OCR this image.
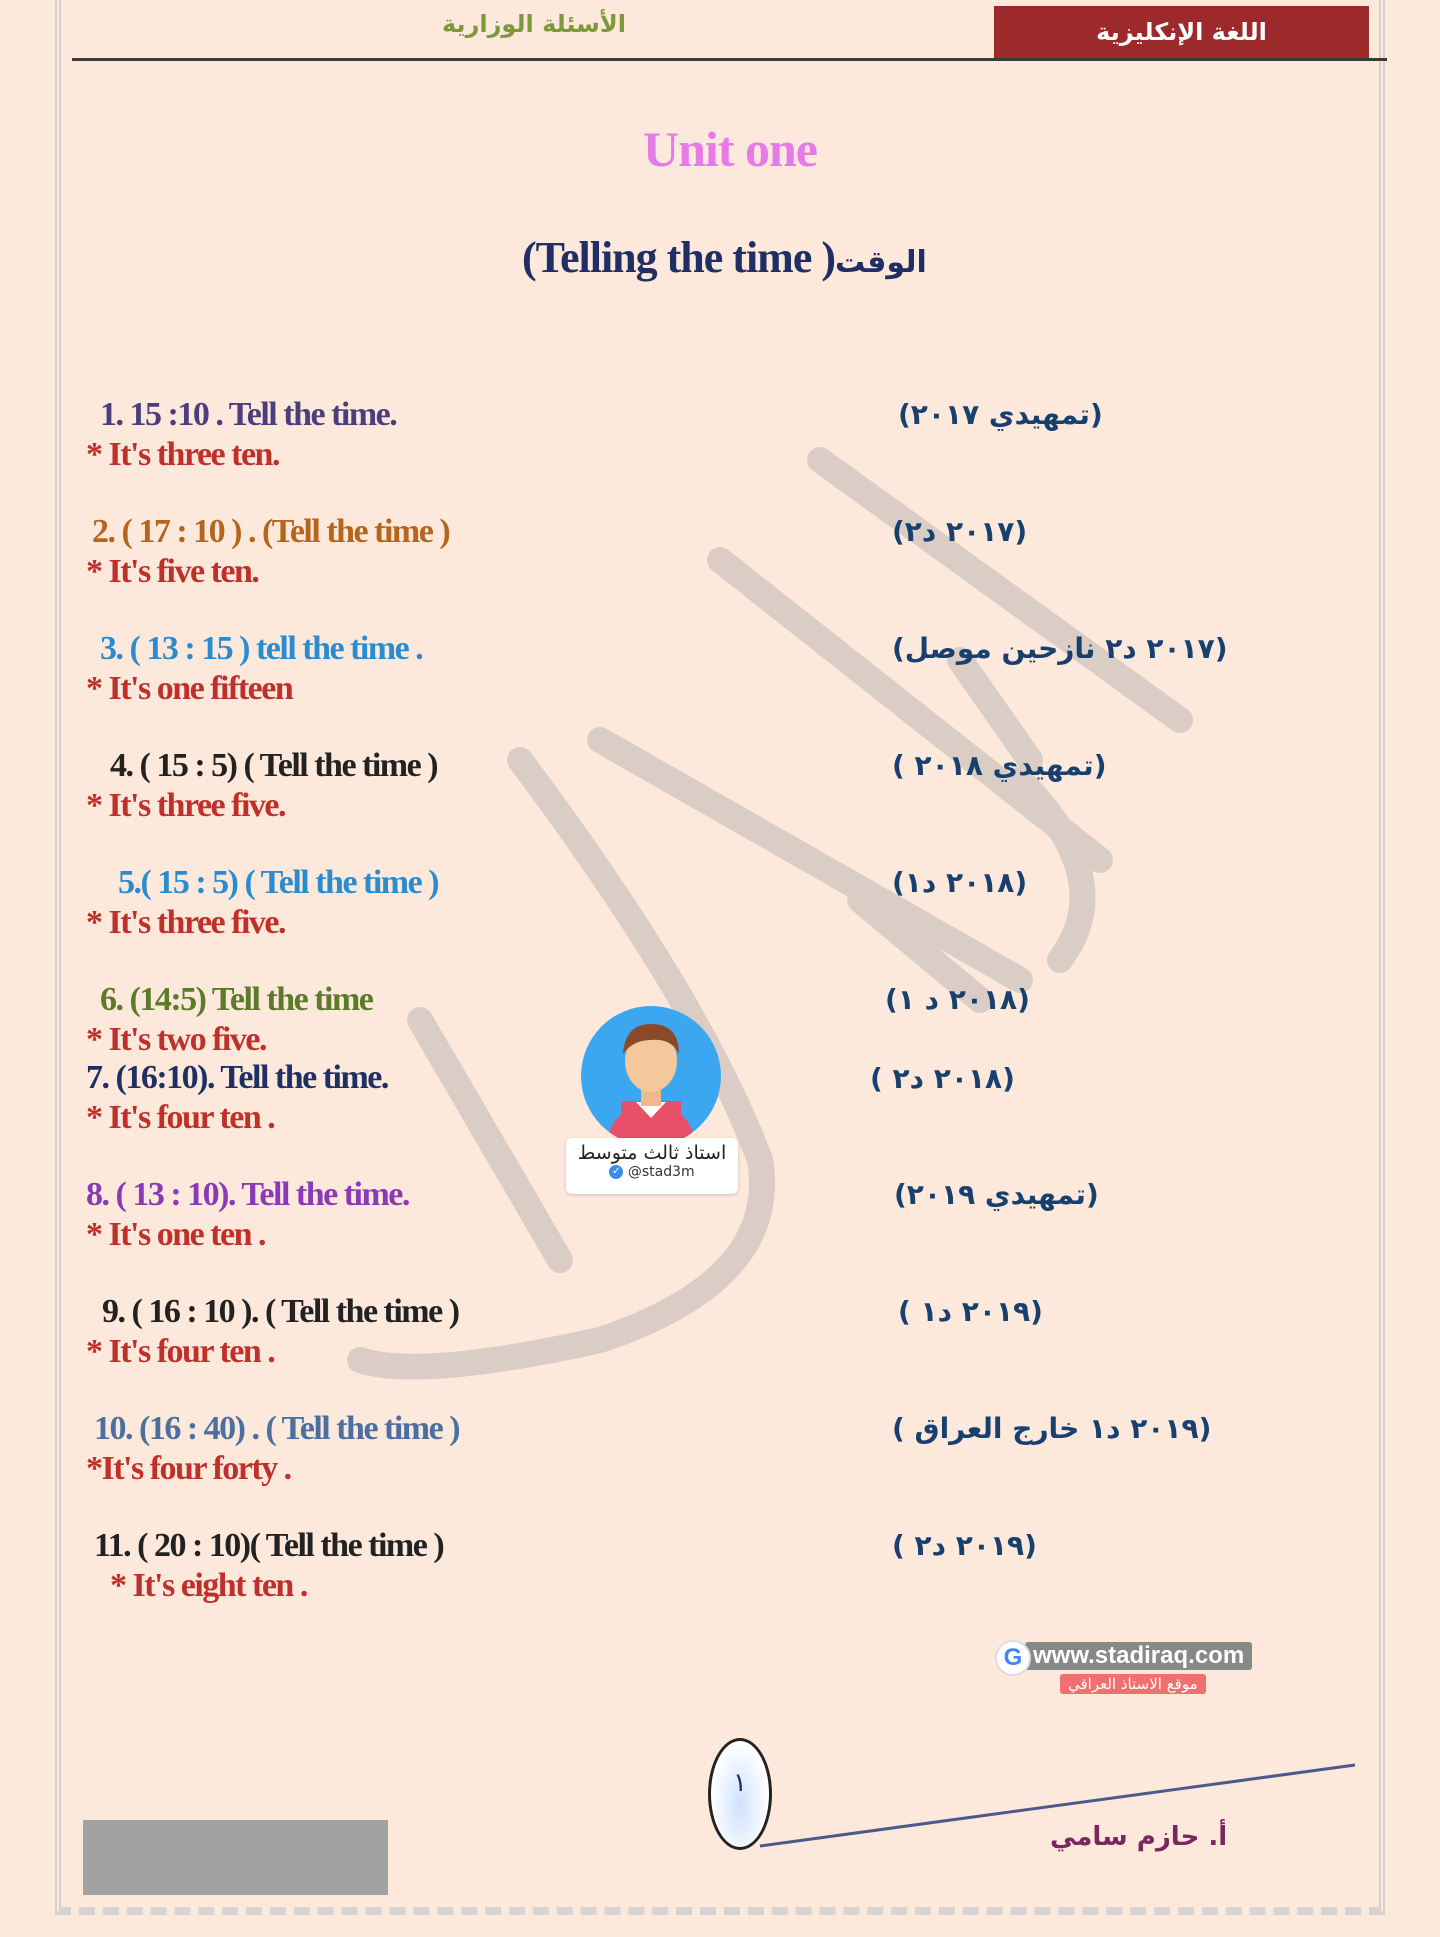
الأسئلة الوزارية	اللغة الإنكليزية
Unit one
(Telling the time )الوقت
1. 15 :10 . Tell the time.
* It's three ten.
(تمهيدي ٢٠١٧)
2. ( 17 : 10 ) . (Tell the time )
* It's five ten.
(٢٠١٧ د٢)
3. ( 13 : 15 ) tell the time .
* It's one fifteen
(٢٠١٧ د٢ نازحين موصل)
4. ( 15 : 5) ( Tell the time )
* It's three five.
(تمهيدي ٢٠١٨ )
5.( 15 : 5) ( Tell the time )
* It's three five.
(٢٠١٨ د١)
6. (14:5) Tell the time
* It's two five.
(٢٠١٨ د ١)
7. (16:10). Tell the time.
* It's four ten .
(٢٠١٨ د٢ )
8. ( 13 : 10). Tell the time.
* It's one ten .
(تمهيدي ٢٠١٩)
9. ( 16 : 10 ). ( Tell the time )
* It's four ten .
(٢٠١٩ د١ )
10. (16 : 40) . ( Tell the time )
*It's four forty .
(٢٠١٩ د١ خارج العراق )
11. ( 20 : 10)( Tell the time )
* It's eight ten .
(٢٠١٩ د٢ )
استاذ ثالث متوسط
✓ @stad3m
www.stadiraq.com
G
موقع الاستاذ العراقي
١
أ. حازم سامي
